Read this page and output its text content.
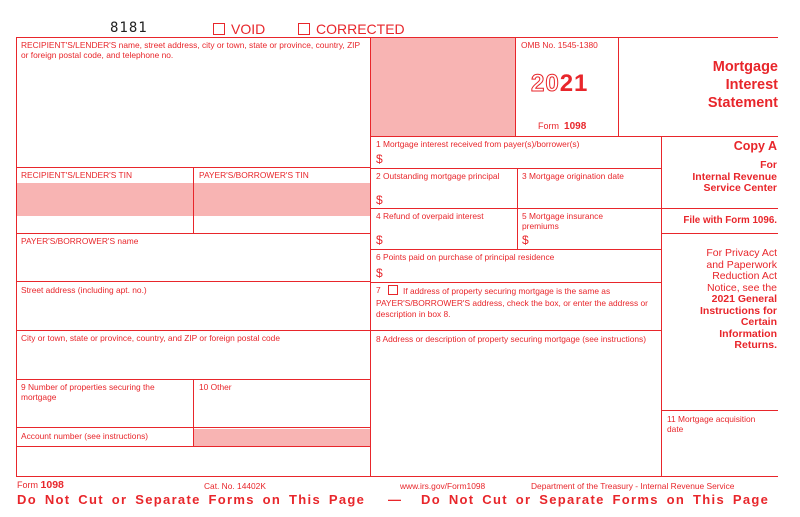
8181	VOID	CORRECTED
RECIPIENT'S/LENDER'S name, street address, city or town, state or province, country, ZIP or foreign postal code, and telephone no.
RECIPIENT'S/LENDER'S TIN	PAYER'S/BORROWER'S TIN
PAYER'S/BORROWER'S name
Street address (including apt. no.)
City or town, state or province, country, and ZIP or foreign postal code
9 Number of properties securing the mortgage
10 Other
Account number (see instructions)
OMB No. 1545-1380
2021
Form 1098
Mortgage
Interest
Statement
1 Mortgage interest received from payer(s)/borrower(s)
$
2 Outstanding mortgage principal
$
3 Mortgage origination date
4 Refund of overpaid interest
$
5 Mortgage insurance premiums
$
6 Points paid on purchase of principal residence
$
7	If address of property securing mortgage is the same as PAYER'S/BORROWER'S address, check the box, or enter the address or description in box 8.
8 Address or description of property securing mortgage (see instructions)
Copy A
For
Internal Revenue
Service Center
File with Form 1096.
For Privacy Act
and Paperwork
Reduction Act
Notice, see the
2021 General
Instructions for
Certain
Information
Returns.
11 Mortgage acquisition date
Form 1098	Cat. No. 14402K	www.irs.gov/Form1098	Department of the Treasury - Internal Revenue Service
Do Not Cut or Separate Forms on This Page — Do Not Cut or Separate Forms on This Page
